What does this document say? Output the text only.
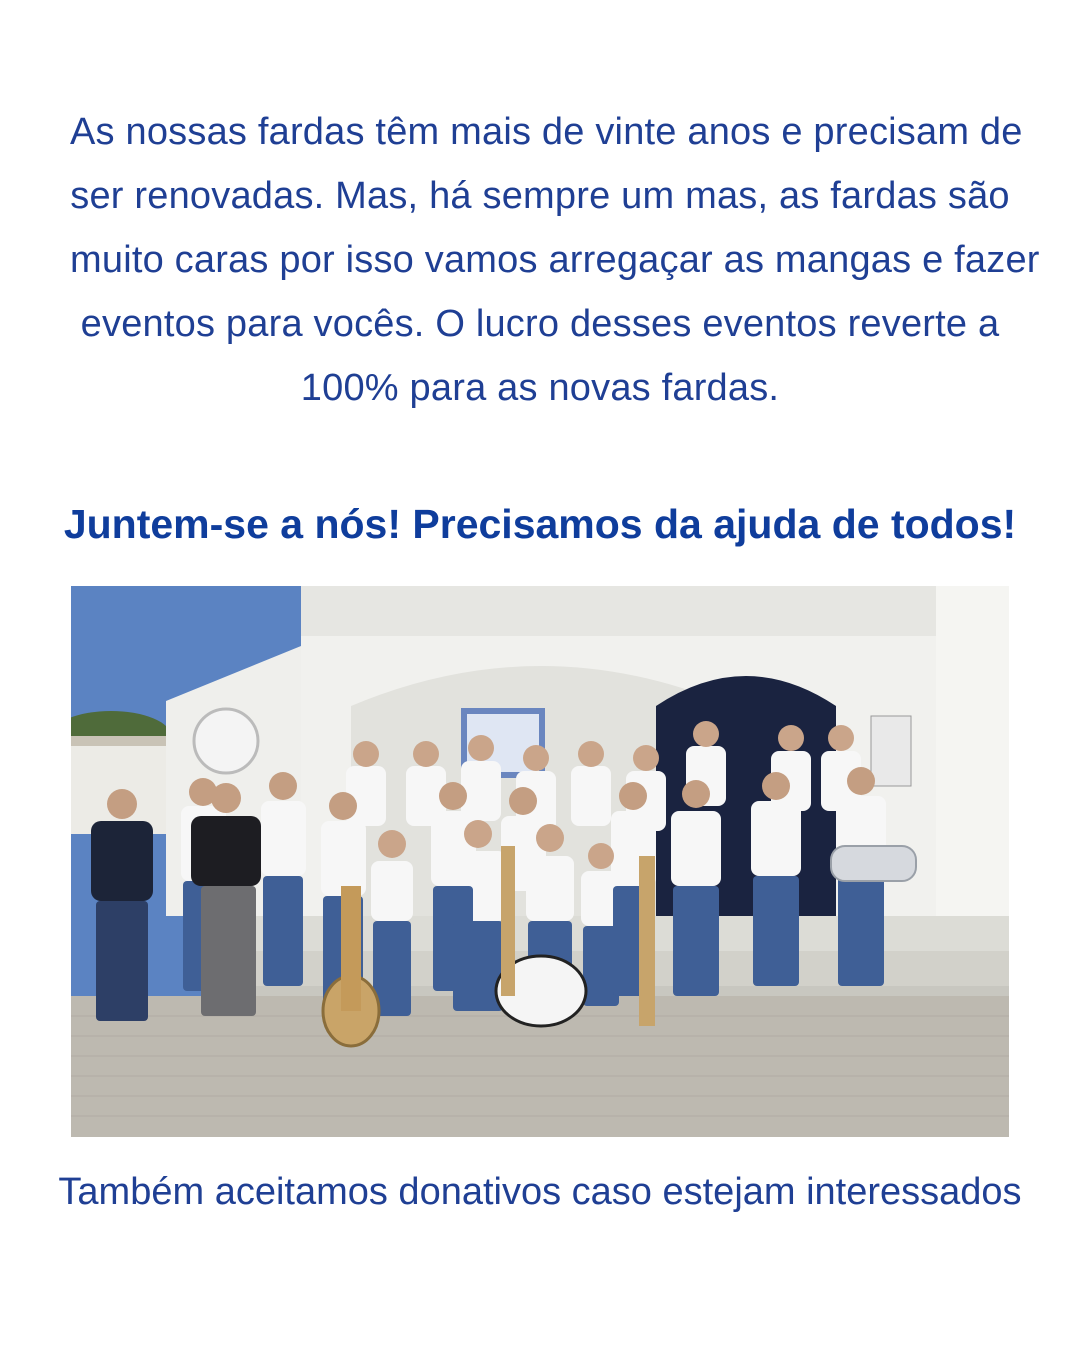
As nossas fardas têm mais de vinte anos e precisam de
ser renovadas. Mas, há sempre um mas, as fardas são
muito caras por isso vamos arregaçar as mangas e fazer
eventos para vocês. O lucro desses eventos reverte a
100% para as novas fardas.
Juntem-se a nós! Precisamos da ajuda de todos!
Também aceitamos donativos caso estejam interessados
